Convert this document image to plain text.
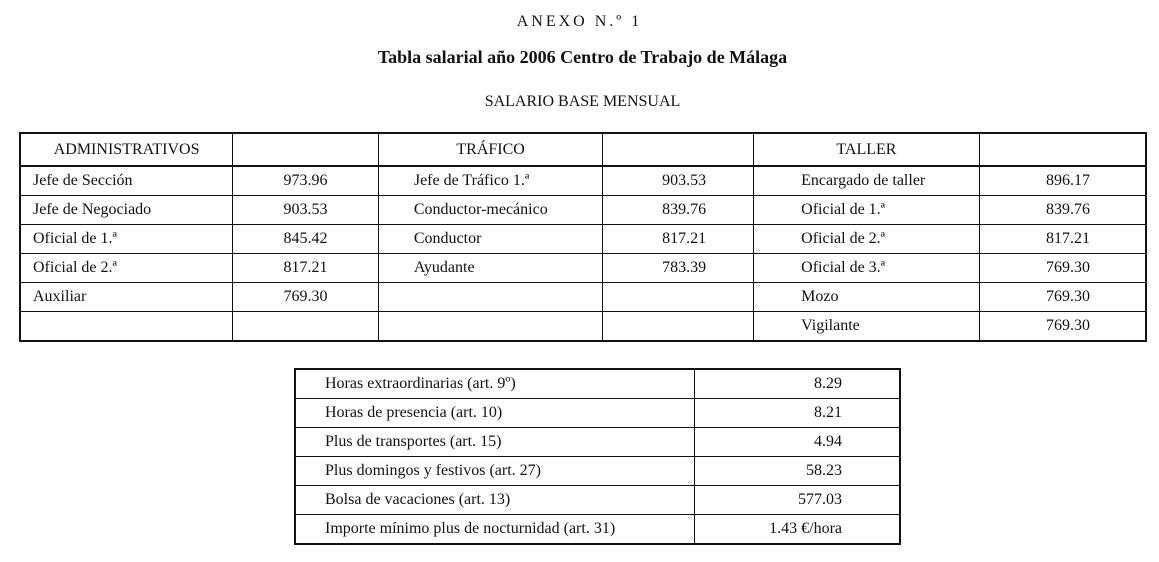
ANEXO N.º 1
Tabla salarial año 2006 Centro de Trabajo de Málaga
SALARIO BASE MENSUAL
ADMINISTRATIVOS		TRÁFICO		TALLER	
Jefe de Sección	973.96	Jefe de Tráfico 1.ª	903.53	Encargado de taller	896.17
Jefe de Negociado	903.53	Conductor-mecánico	839.76	Oficial de 1.ª	839.76
Oficial de 1.ª	845.42	Conductor	817.21	Oficial de 2.ª	817.21
Oficial de 2.ª	817.21	Ayudante	783.39	Oficial de 3.ª	769.30
Auxiliar	769.30			Mozo	769.30
				Vigilante	769.30
Horas extraordinarias (art. 9º)	8.29
Horas de presencia (art. 10)	8.21
Plus de transportes (art. 15)	4.94
Plus domingos y festivos (art. 27)	58.23
Bolsa de vacaciones (art. 13)	577.03
Importe mínimo plus de nocturnidad (art. 31)	1.43 €/hora
